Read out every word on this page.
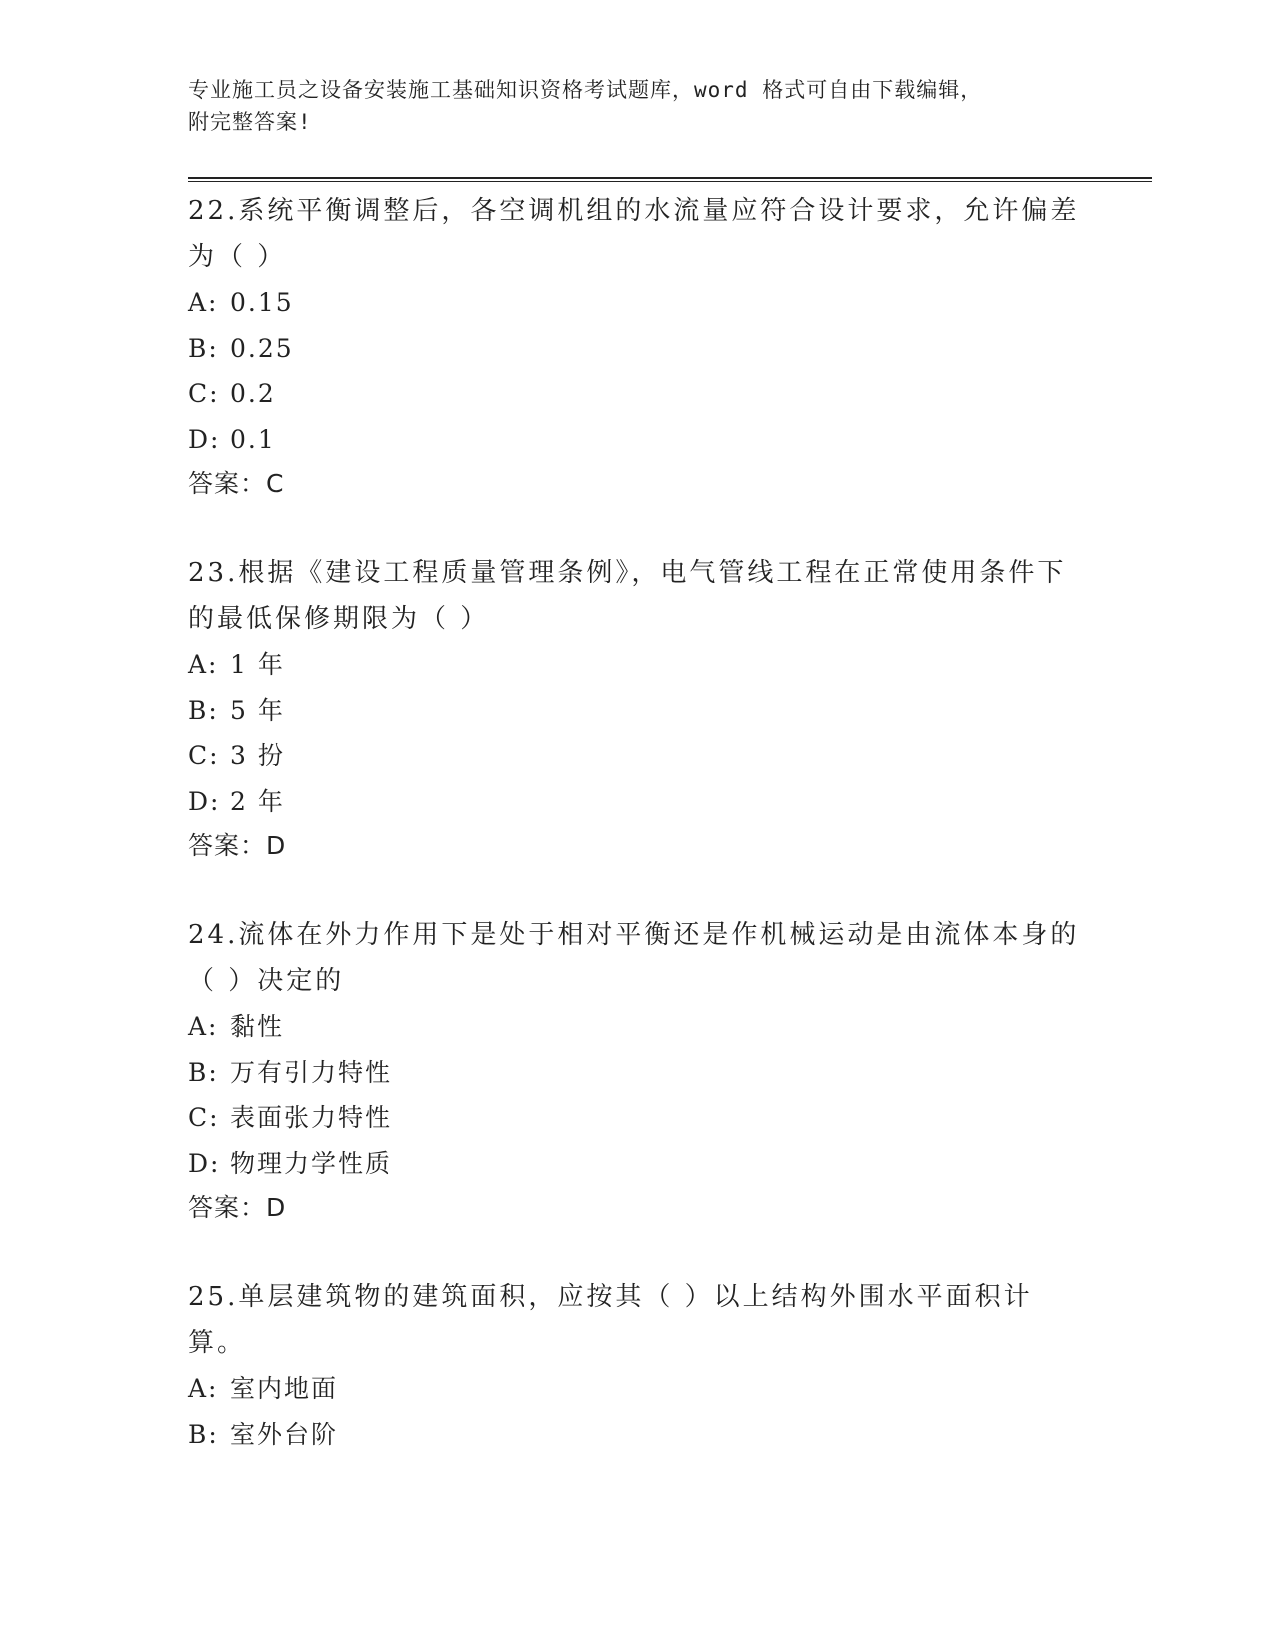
专业施工员之设备安装施工基础知识资格考试题库，word 格式可自由下载编辑，
附完整答案!
22.系统平衡调整后，各空调机组的水流量应符合设计要求，允许偏差为（ ）
A: 0.15
B: 0.25
C: 0.2
D: 0.1
答案：C
23.根据《建设工程质量管理条例》，电气管线工程在正常使用条件下的最低保修期限为（ ）
A: 1 年
B: 5 年
C: 3 扮
D: 2 年
答案：D
24.流体在外力作用下是处于相对平衡还是作机械运动是由流体本身的（ ）决定的
A: 黏性
B: 万有引力特性
C: 表面张力特性
D: 物理力学性质
答案：D
25.单层建筑物的建筑面积，应按其（ ）以上结构外围水平面积计算。
A: 室内地面
B: 室外台阶
